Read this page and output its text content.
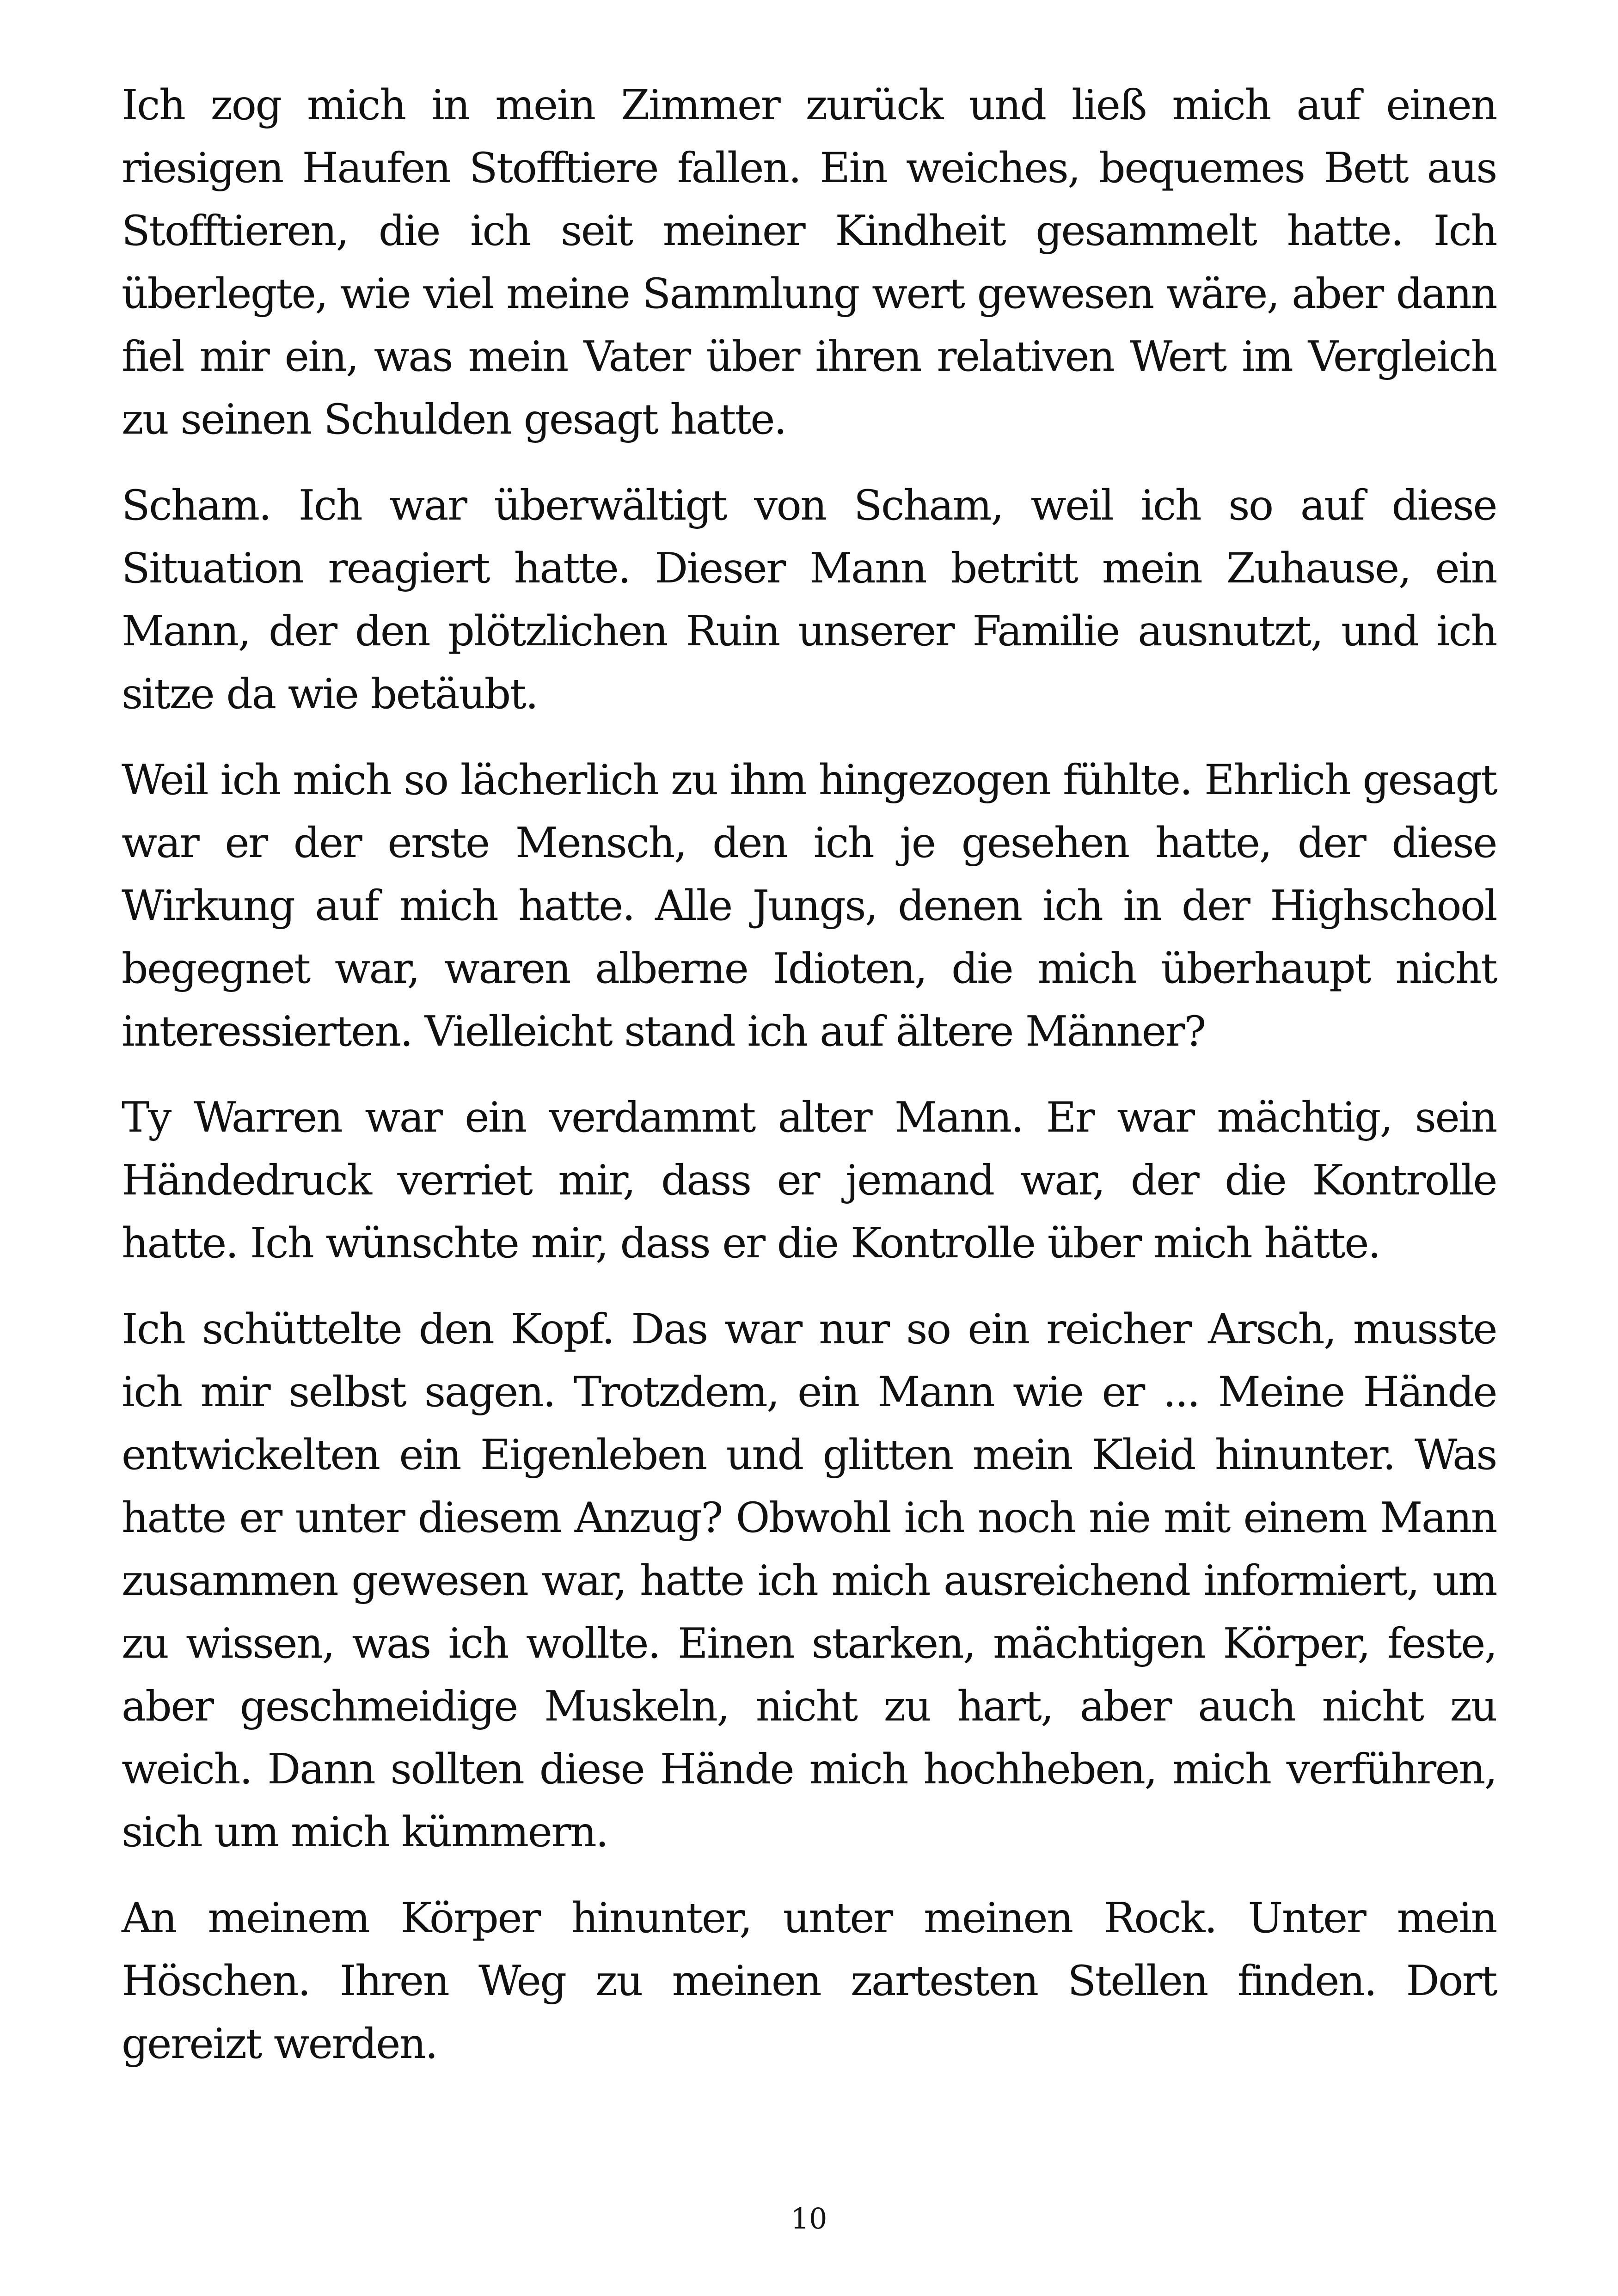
Ich zog mich in mein Zimmer zurück und ließ mich auf einen riesigen Haufen Stofftiere fallen. Ein weiches, bequemes Bett aus Stofftieren, die ich seit meiner Kindheit gesammelt hatte. Ich überlegte, wie viel meine Sammlung wert gewesen wäre, aber dann fiel mir ein, was mein Vater über ihren relativen Wert im Vergleich zu seinen Schulden gesagt hatte.

Scham. Ich war überwältigt von Scham, weil ich so auf diese Situation reagiert hatte. Dieser Mann betritt mein Zuhause, ein Mann, der den plötzlichen Ruin unserer Familie ausnutzt, und ich sitze da wie betäubt.

Weil ich mich so lächerlich zu ihm hingezogen fühlte. Ehrlich gesagt war er der erste Mensch, den ich je gesehen hatte, der diese Wirkung auf mich hatte. Alle Jungs, denen ich in der Highschool begegnet war, waren alberne Idioten, die mich überhaupt nicht interessierten. Vielleicht stand ich auf ältere Männer?

Ty Warren war ein verdammt alter Mann. Er war mächtig, sein Händedruck verriet mir, dass er jemand war, der die Kontrolle hatte. Ich wünschte mir, dass er die Kontrolle über mich hätte.

Ich schüttelte den Kopf. Das war nur so ein reicher Arsch, musste ich mir selbst sagen. Trotzdem, ein Mann wie er ... Meine Hände entwickelten ein Eigenleben und glitten mein Kleid hinunter. Was hatte er unter diesem Anzug? Obwohl ich noch nie mit einem Mann zusammen gewesen war, hatte ich mich ausreichend informiert, um zu wissen, was ich wollte. Einen starken, mächtigen Körper, feste, aber geschmeidige Muskeln, nicht zu hart, aber auch nicht zu weich. Dann sollten diese Hände mich hochheben, mich verführen, sich um mich kümmern.

An meinem Körper hinunter, unter meinen Rock. Unter mein Höschen. Ihren Weg zu meinen zartesten Stellen finden. Dort gereizt werden.

10
